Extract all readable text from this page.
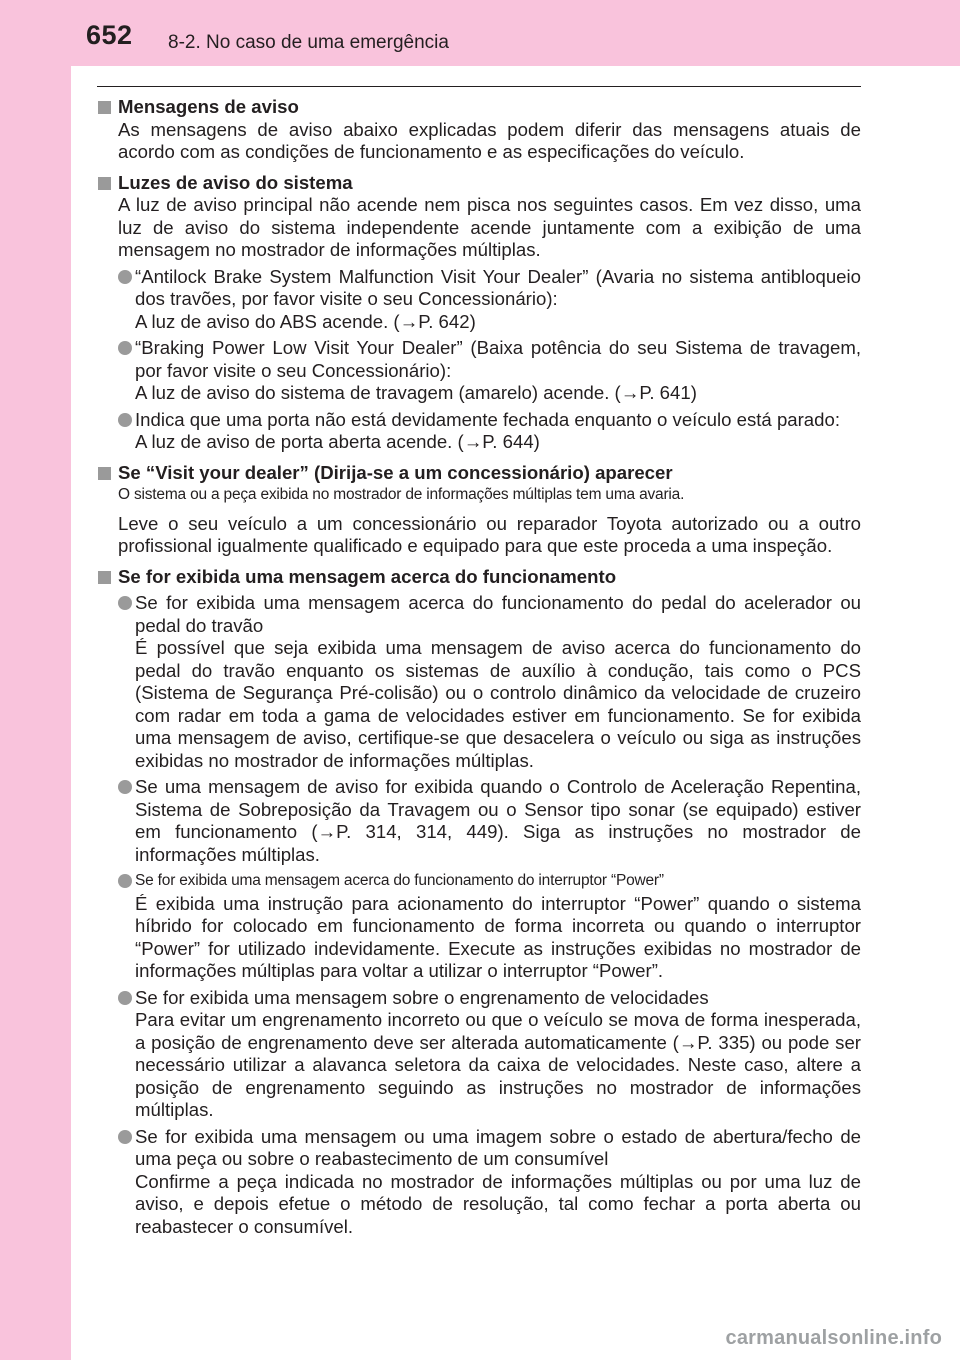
652 8-2. No caso de uma emergência
Mensagens de aviso
As mensagens de aviso abaixo explicadas podem diferir das mensagens atuais de acordo com as condições de funcionamento e as especificações do veículo.
Luzes de aviso do sistema
A luz de aviso principal não acende nem pisca nos seguintes casos. Em vez disso, uma luz de aviso do sistema independente acende juntamente com a exibição de uma mensagem no mostrador de informações múltiplas.
“Antilock Brake System Malfunction Visit Your Dealer” (Avaria no sistema antibloqueio dos travões, por favor visite o seu Concessionário):
A luz de aviso do ABS acende. (→P. 642)
“Braking Power Low Visit Your Dealer” (Baixa potência do seu Sistema de travagem, por favor visite o seu Concessionário):
A luz de aviso do sistema de travagem (amarelo) acende. (→P. 641)
Indica que uma porta não está devidamente fechada enquanto o veículo está parado:
A luz de aviso de porta aberta acende. (→P. 644)
Se “Visit your dealer” (Dirija-se a um concessionário) aparecer
O sistema ou a peça exibida no mostrador de informações múltiplas tem uma avaria.
Leve o seu veículo a um concessionário ou reparador Toyota autorizado ou a outro profissional igualmente qualificado e equipado para que este proceda a uma inspeção.
Se for exibida uma mensagem acerca do funcionamento
Se for exibida uma mensagem acerca do funcionamento do pedal do acelerador ou pedal do travão
É possível que seja exibida uma mensagem de aviso acerca do funcionamento do pedal do travão enquanto os sistemas de auxílio à condução, tais como o PCS (Sistema de Segurança Pré-colisão) ou o controlo dinâmico da velocidade de cruzeiro com radar em toda a gama de velocidades estiver em funcionamento. Se for exibida uma mensagem de aviso, certifique-se que desacelera o veículo ou siga as instruções exibidas no mostrador de informações múltiplas.
Se uma mensagem de aviso for exibida quando o Controlo de Aceleração Repentina, Sistema de Sobreposição da Travagem ou o Sensor tipo sonar (se equipado) estiver em funcionamento (→P. 314, 314, 449). Siga as instruções no mostrador de informações múltiplas.
Se for exibida uma mensagem acerca do funcionamento do interruptor “Power”
É exibida uma instrução para acionamento do interruptor “Power” quando o sistema híbrido for colocado em funcionamento de forma incorreta ou quando o interruptor “Power” for utilizado indevidamente. Execute as instruções exibidas no mostrador de informações múltiplas para voltar a utilizar o interruptor “Power”.
Se for exibida uma mensagem sobre o engrenamento de velocidades
Para evitar um engrenamento incorreto ou que o veículo se mova de forma inesperada, a posição de engrenamento deve ser alterada automaticamente (→P. 335) ou pode ser necessário utilizar a alavanca seletora da caixa de velocidades. Neste caso, altere a posição de engrenamento seguindo as instruções no mostrador de informações múltiplas.
Se for exibida uma mensagem ou uma imagem sobre o estado de abertura/fecho de uma peça ou sobre o reabastecimento de um consumível
Confirme a peça indicada no mostrador de informações múltiplas ou por uma luz de aviso, e depois efetue o método de resolução, tal como fechar a porta aberta ou reabastecer o consumível.
carmanualsonline.info
